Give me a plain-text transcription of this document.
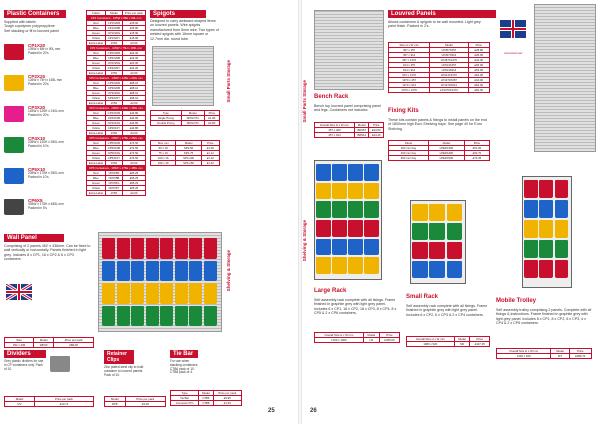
Plastic Containers
Supplied with labels
Tough copolymer polypropylene
Self stacking or fit to louvred panel
CP1X20
105W x 65H x 90L mm
Packed in 20's
CP2X20
105W x 75H x 165L mm
Packed in 20's
CP3X20
145W x 125H x 240L mm
Packed in 20's
CP4X10
205W x 130H x 350L mm
Packed in 10's
CP5X10
205W x 175H x 350L mm
Packed in 10's
CP6X5
305W x 175H x 485L mm
Packed in 5's
Colour	Model	Price per pack
CP1 Containers - 105W x 65H x 90L mm		
Red	CP1X20R	£15.90
Blue	CP1X20B	£15.90
Green	CP1X20G	£15.90
Yellow	CP1X20Y	£15.90
Extra Label	1X50	£3.00
CP2 Containers - 105W x 75H x 165L mm		
Red	CP2X20R	£24.00
Blue	CP2X20B	£24.00
Green	CP2X20G	£24.00
Yellow	CP2X20Y	£24.00
Extra Label	1X50	£3.00
CP3 Containers - 145W x 125H x 240L mm		
Red	CP3X20R	£68.10
Blue	CP3X20B	£68.10
Green	CP3X20G	£68.10
Yellow	CP3X20Y	£68.10
Extra Label	1X50	£3.00
CP4 Containers - 205W x 130H x 350L mm		
Red	CP4X10R	£44.80
Blue	CP4X10B	£44.80
Green	CP4X10G	£44.80
Yellow	CP4X10Y	£44.80
Extra Label	1X50	£3.00
CP5 Containers - 205W x 175H x 350L mm		
Red	CP5X10R	£74.50
Blue	CP5X10B	£74.50
Green	CP5X10G	£74.50
Yellow	CP5X10Y	£74.50
Extra Label	1X50	£3.00
CP6 Containers - 305W x 175H x 485L mm		
Red	CP6X5R	£65.25
Blue	CP6X5B	£65.25
Green	CP6X5G	£65.25
Yellow	CP6X5Y	£65.25
Extra Label	1X50	£3.00
Spigots
Designed to carry awkward shaped items on louvred panels. Wire spigots manufactured from 5mm wire. Two types of welded spigots with 16mm square or 12.7mm dia. round tube.
Type	Model	Price
Single Prong	SPIGOT1	£1.80
Double Prong	SPIGOT2	£2.80
Size mm	Model	Price
50 x 16	SP2-50	£1.00
75 x 16	SP2-75	£1.12
100 x 16	SP2-100	£1.22
150 x 16	SP2-150	£1.42
Small Parts Storage
Shelving & Storage
Wall Panel
Comprising of 2 panels 452' x 436mm. Can be fixed to wall vertically or horizontally. Panels finished in light grey. Includes 8 x CP1, 16 x CP2 & 6 x CP3 containers.
Size	Model	Price per pack
452 x 436	WP20	£88.00
Dividers
Grey plastic dividers for use in CP containers only. Pack of 10.
Model	Price per pack
DV	£10.74
Retainer Clips
Zinc plated steel clip to hold container to louvred panels. Pack of 10.
Model	Price per pack
RTB	£3.28
Tie Bar
For use when stacking containers. CTB6 pack of 10. CTB8 pack of 4.
Type	Model	Price per pack
Tie Bar	CTB6	£0.95
Connector Pin	CTB8	£1.25
25
Small Parts Storage
Shelving & Storage
Louvred Panels
Allows containers & spigots to be wall mounted. Light grey paint finish. Packed in 2's.
Size H x W mm	Model	Price
457 x 457	LP457X457	£28.80
457 x 914	LP457X914	£36.00
457 x 1370	LP457X1370	£44.00
914 x 457	LP914X457	£36.00
914 x 914	LP914X914	£52.00
914 x 1370	LP914X1370	£62.00
1370 x 457	LP1370X457	£44.00
1370 x 914	LP1370X914	£62.00
1370 x 1370	LP1370X1370	£82.00
manufactured
Bench Rack
Bench top louvred panel comprising panel and legs. Containers not included.
Overall Size H x W mm	Model	Price
457 x 400	BR457	£34.90
457 x 914	BR914	£44.40
Fixing Kits
These kits contain panels & fixings to install panels on the end of 1800mm high Euro Shelving bays. See page 40 for Euro Shelving.
Panel	Model	Price
300 mm bay	LPEFK300	£51.00
400 mm bay	LPEFK400	£62.70
500 mm bay	LPEFK500	£70.45
Large Rack
Self assembly rack complete with all fixings. Frame finished in graphite grey with light grey panel. Includes 6 x CP1, 16 x CP2, 18 x CP3, 8 x CP4, 8 x CP5 & 2 x CP6 containers.
Overall Size H x W mm	Model	Price
1760 x 1000	LR	£465.00
Small Rack
Self assembly rack complete with all fixings. Frame finished in graphite grey with light grey panel. Includes 6 x CP2, 6 x CP3 & 2 x CP4 containers.
Overall Size H x W mm	Model	Price
1080 x 520	SR	£147.45
Mobile Trolley
Self assembly trolley comprising 2 panels. Complete with all fixings & instructions. Frame finished in graphite grey with light grey panel. Includes 8 x CP1, 8 x CP2, 6 x CP3, 4 x CP4 & 2 x CP5 containers.
Overall Size H x W mm	Model	Price
1240 x 620	MT	£389.70
26
